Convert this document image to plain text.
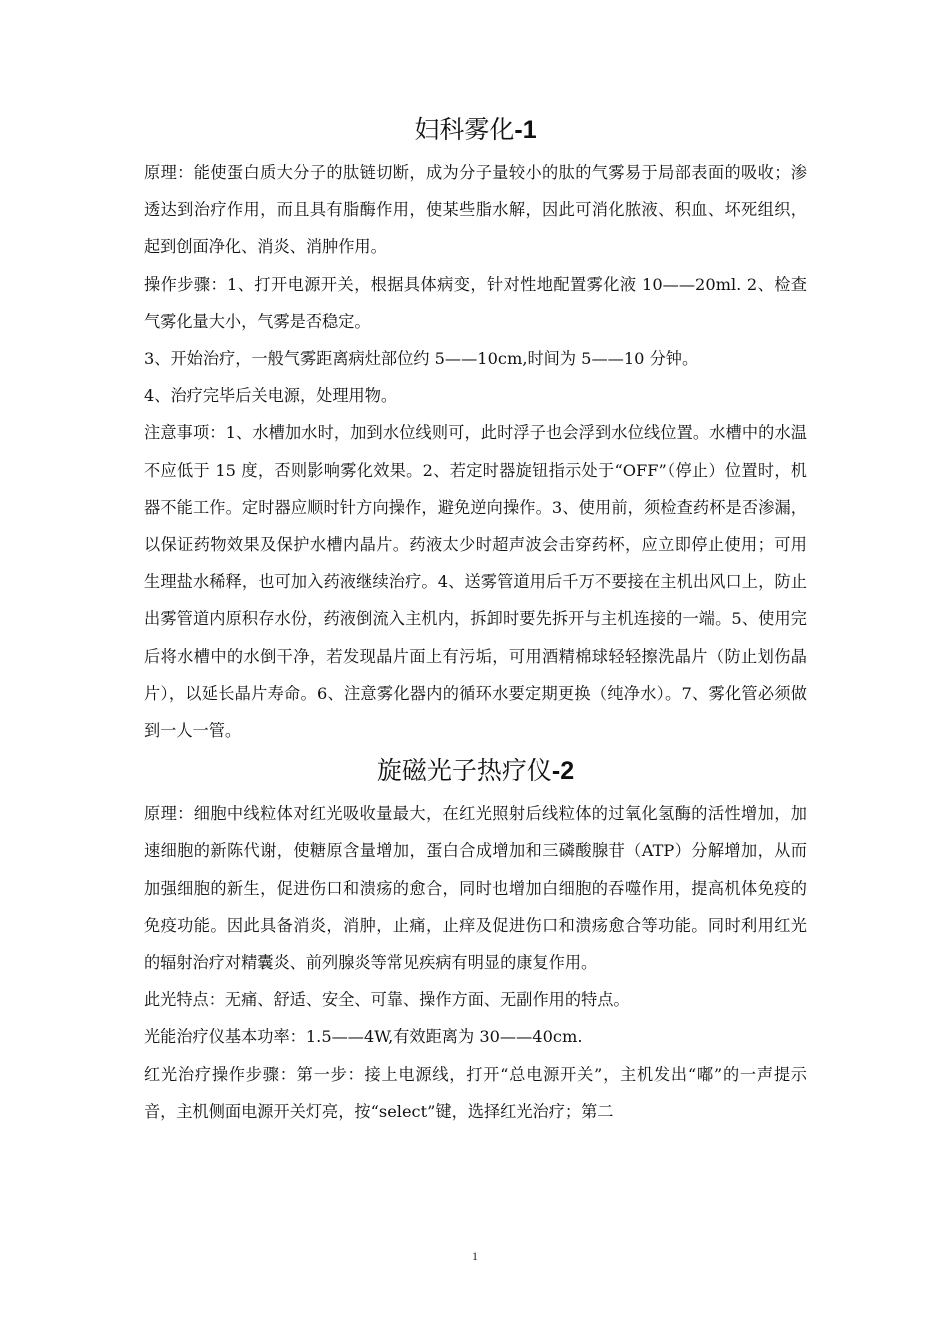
妇科雾化-1

原理：能使蛋白质大分子的肽链切断，成为分子量较小的肽的气雾易于局部表面的吸收；渗透达到治疗作用，而且具有脂酶作用，使某些脂水解，因此可消化脓液、积血、坏死组织，起到创面净化、消炎、消肿作用。

操作步骤：1、打开电源开关，根据具体病变，针对性地配置雾化液 10——20ml. 2、检查气雾化量大小，气雾是否稳定。

3、开始治疗，一般气雾距离病灶部位约 5——10cm,时间为 5——10 分钟。

4、治疗完毕后关电源，处理用物。

注意事项：1、水槽加水时，加到水位线则可，此时浮子也会浮到水位线位置。水槽中的水温不应低于 15 度，否则影响雾化效果。2、若定时器旋钮指示处于“OFF”（停止）位置时，机器不能工作。定时器应顺时针方向操作，避免逆向操作。3、使用前，须检查药杯是否渗漏，以保证药物效果及保护水槽内晶片。药液太少时超声波会击穿药杯，应立即停止使用；可用生理盐水稀释，也可加入药液继续治疗。4、送雾管道用后千万不要接在主机出风口上，防止出雾管道内原积存水份，药液倒流入主机内，拆卸时要先拆开与主机连接的一端。5、使用完后将水槽中的水倒干净，若发现晶片面上有污垢，可用酒精棉球轻轻擦洗晶片（防止划伤晶片），以延长晶片寿命。6、注意雾化器内的循环水要定期更换（纯净水）。7、雾化管必须做到一人一管。

旋磁光子热疗仪-2

原理：细胞中线粒体对红光吸收量最大，在红光照射后线粒体的过氧化氢酶的活性增加，加速细胞的新陈代谢，使糖原含量增加，蛋白合成增加和三磷酸腺苷（ATP）分解增加，从而加强细胞的新生，促进伤口和溃疡的愈合，同时也增加白细胞的吞噬作用，提高机体免疫的免疫功能。因此具备消炎，消肿，止痛，止痒及促进伤口和溃疡愈合等功能。同时利用红光的辐射治疗对精囊炎、前列腺炎等常见疾病有明显的康复作用。

此光特点：无痛、舒适、安全、可靠、操作方面、无副作用的特点。

光能治疗仪基本功率：1.5——4W,有效距离为 30——40cm.

红光治疗操作步骤：第一步：接上电源线，打开“总电源开关”，主机发出“嘟”的一声提示音，主机侧面电源开关灯亮，按“select”键，选择红光治疗；第二

1
